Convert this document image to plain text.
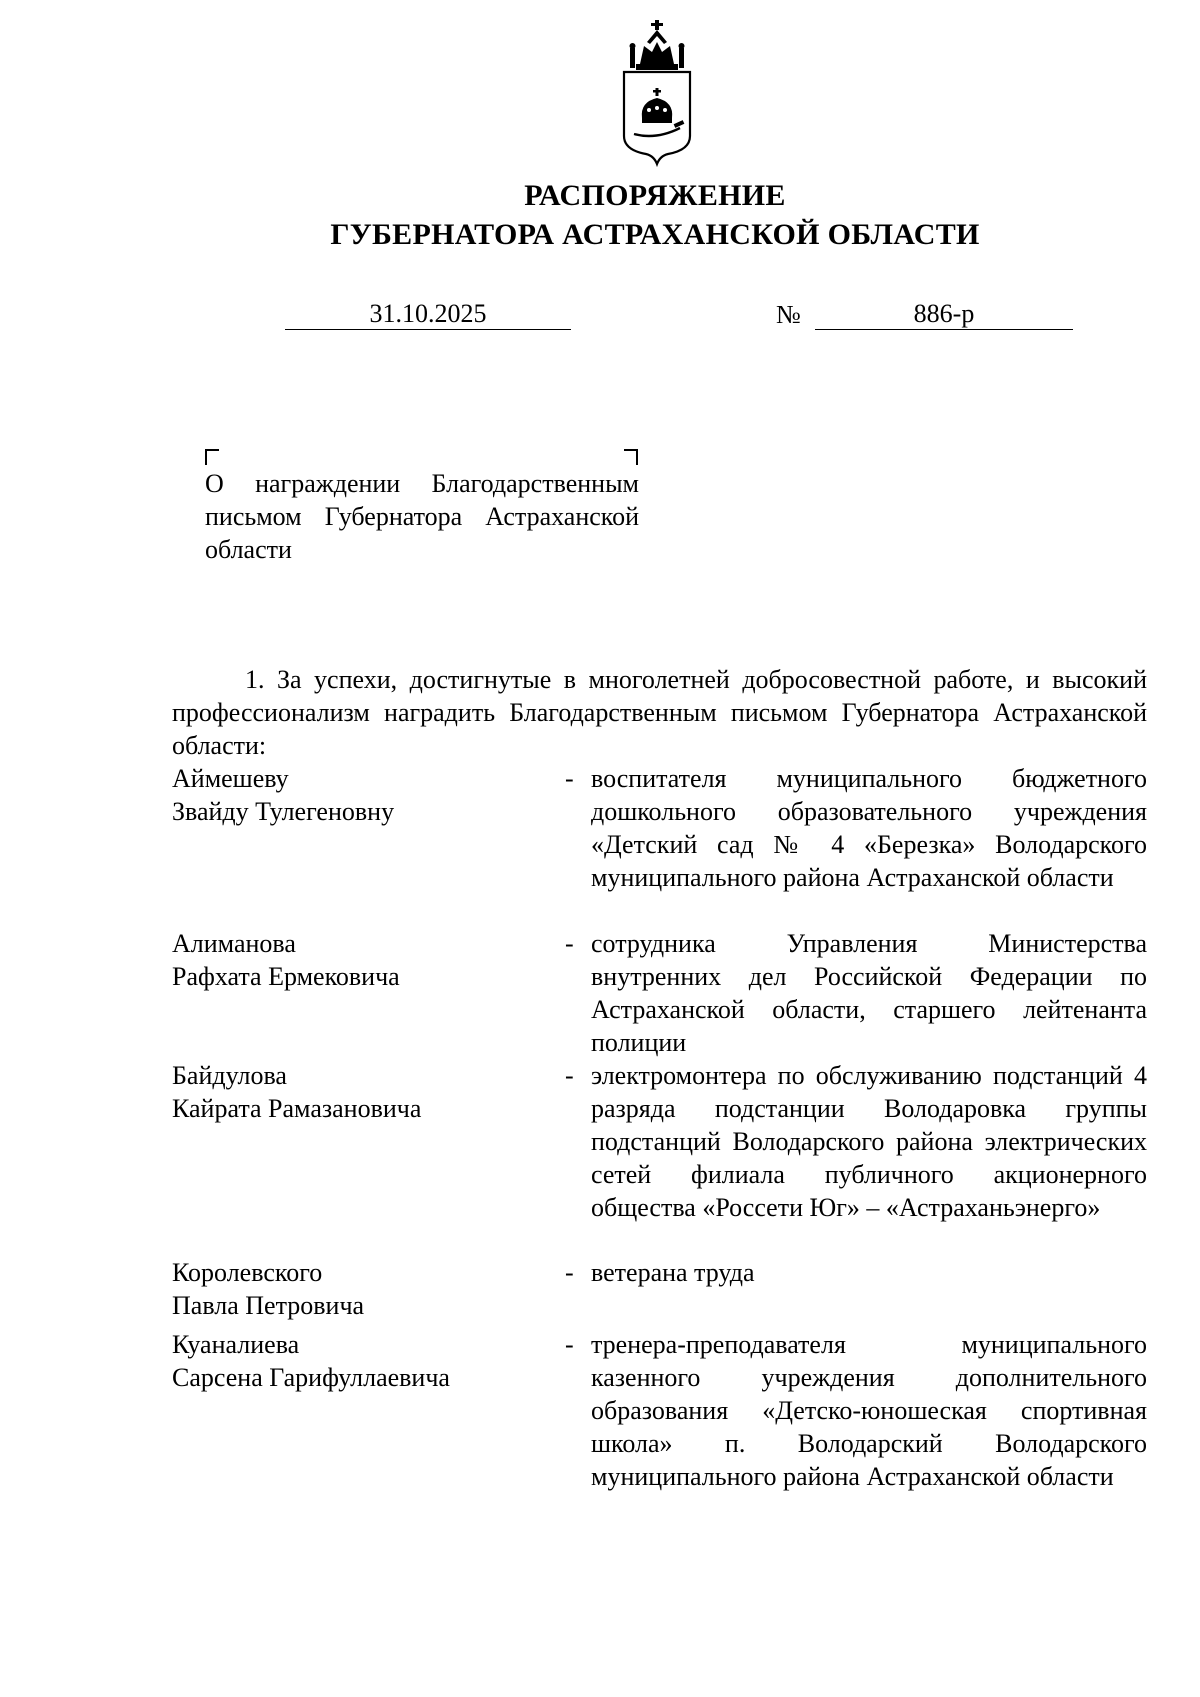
РАСПОРЯЖЕНИЕ
ГУБЕРНАТОРА АСТРАХАНСКОЙ ОБЛАСТИ
31.10.2025	№	886-р
О награждении Благодарственным письмом Губернатора Астраханской области
1. За успехи, достигнутые в многолетней добросовестной работе, и высокий профессионализм наградить Благодарственным письмом Губернатора Астраханской области:
Аймешеву
Звайду Тулегеновну
- воспитателя муниципального бюджетного дошкольного образовательного учреждения «Детский сад № 4 «Березка» Володарского муниципального района Астраханской области
Алиманова
Рафхата Ермековича
- сотрудника Управления Министерства внутренних дел Российской Федерации по Астраханской области, старшего лейтенанта полиции
Байдулова
Кайрата Рамазановича
- электромонтера по обслуживанию подстанций 4 разряда подстанции Володаровка группы подстанций Володарского района электрических сетей филиала публичного акционерного общества «Россети Юг» – «Астраханьэнерго»
Королевского
Павла Петровича
- ветерана труда
Куаналиева
Сарсена Гарифуллаевича
- тренера-преподавателя муниципального казенного учреждения дополнительного образования «Детско-юношеская спортивная школа» п. Володарский Володарского муниципального района Астраханской области
